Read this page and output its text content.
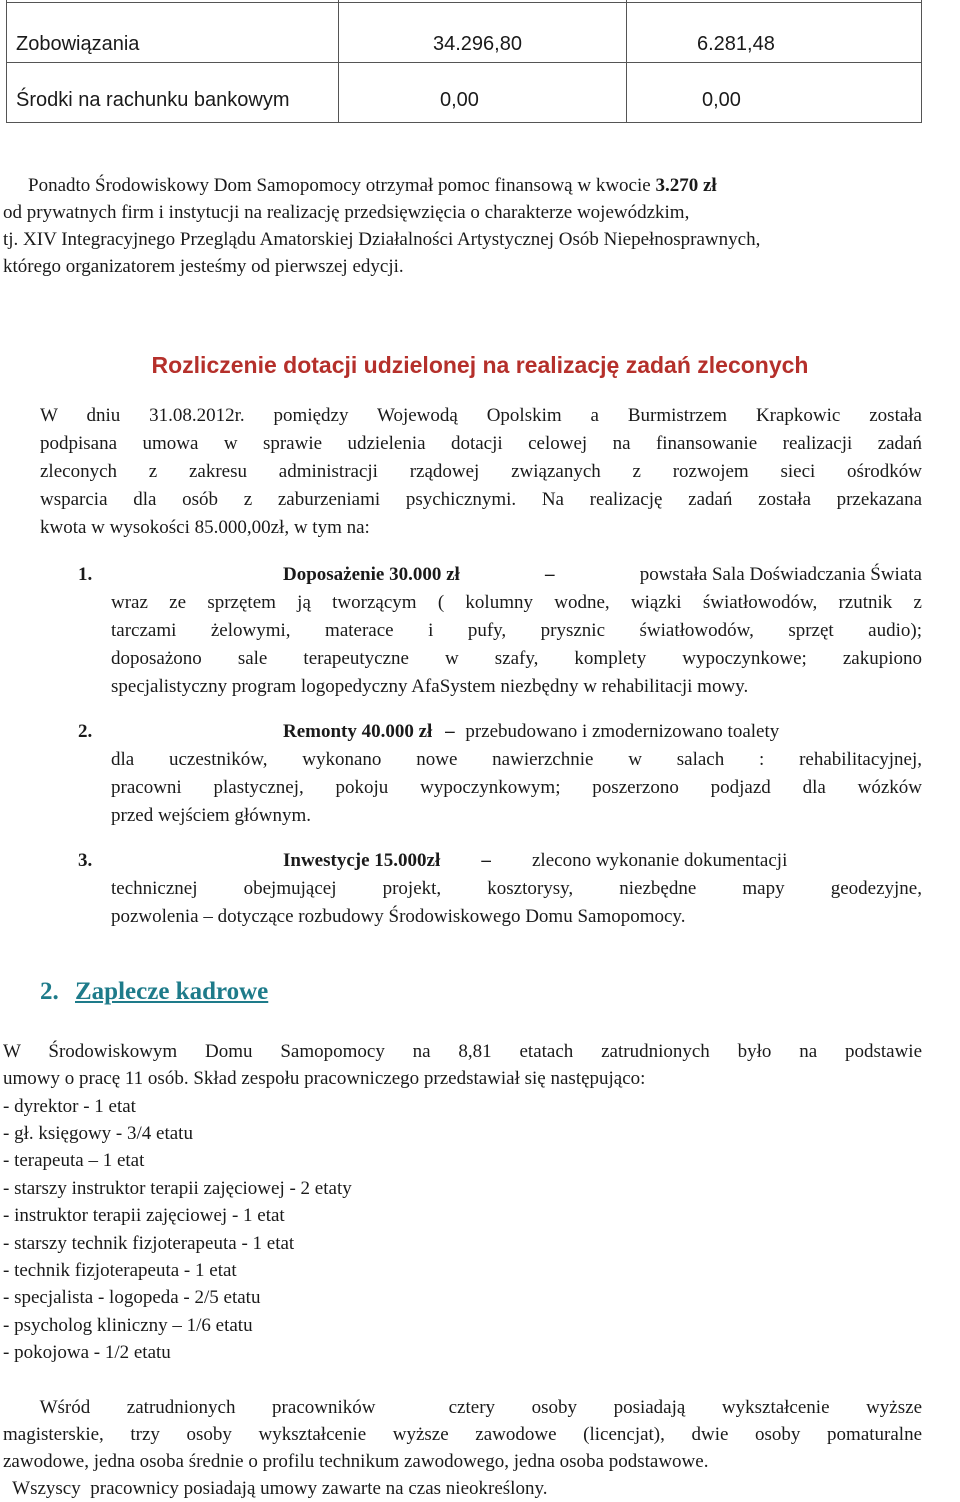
Zobowiązania	34.296,80	6.281,48
Środki na rachunku bankowym	0,00	0,00
Ponadto Środowiskowy Dom Samopomocy otrzymał pomoc finansową w kwocie 3.270 zł
od prywatnych firm i instytucji na realizację przedsięwzięcia o charakterze wojewódzkim,
tj. XIV Integracyjnego Przeglądu Amatorskiej Działalności Artystycznej Osób Niepełnosprawnych,
którego organizatorem jesteśmy od pierwszej edycji.
Rozliczenie dotacji udzielonej na realizację zadań zleconych
W dniu 31.08.2012r. pomiędzy Wojewodą Opolskim a Burmistrzem Krapkowic została
podpisana umowa w sprawie udzielenia dotacji celowej na finansowanie realizacji zadań
zleconych z zakresu administracji rządowej związanych z rozwojem sieci ośrodków
wsparcia dla osób z zaburzeniami psychicznymi. Na realizację zadań została przekazana
kwota w wysokości 85.000,00zł, w tym na:
1.	Doposażenie 30.000 zł	–	powstała Sala Doświadczania Świata
wraz ze sprzętem ją tworzącym ( kolumny wodne, wiązki światłowodów, rzutnik z
tarczami żelowymi, materace i pufy, prysznic światłowodów, sprzęt audio);
doposażono sale terapeutyczne w szafy, komplety wypoczynkowe; zakupiono
specjalistyczny program logopedyczny AfaSystem niezbędny w rehabilitacji mowy.
2.	Remonty 40.000 zł – przebudowano i zmodernizowano toalety
dla uczestników, wykonano nowe nawierzchnie w salach : rehabilitacyjnej,
pracowni plastycznej, pokoju wypoczynkowym; poszerzono podjazd dla wózków
przed wejściem głównym.
3.	Inwestycje 15.000zł – zlecono wykonanie dokumentacji
technicznej obejmującej projekt, kosztorysy, niezbędne mapy geodezyjne,
pozwolenia – dotyczące rozbudowy Środowiskowego Domu Samopomocy.
2. Zaplecze kadrowe
W Środowiskowym Domu Samopomocy na 8,81 etatach zatrudnionych było na podstawie
umowy o pracę 11 osób. Skład zespołu pracowniczego przedstawiał się następująco:
- dyrektor - 1 etat
- gł. księgowy - 3/4 etatu
- terapeuta – 1 etat
- starszy instruktor terapii zajęciowej - 2 etaty
- instruktor terapii zajęciowej - 1 etat
- starszy technik fizjoterapeuta - 1 etat
- technik fizjoterapeuta - 1 etat
- specjalista - logopeda - 2/5 etatu
- psycholog kliniczny – 1/6 etatu
- pokojowa - 1/2 etatu
Wśród  zatrudnionych  pracowników    cztery  osoby  posiadają  wykształcenie  wyższe
magisterskie, trzy osoby wykształcenie wyższe zawodowe (licencjat), dwie osoby pomaturalne
zawodowe, jedna osoba średnie o profilu technikum zawodowego, jedna osoba podstawowe.
Wszyscy  pracownicy posiadają umowy zawarte na czas nieokreślony.
